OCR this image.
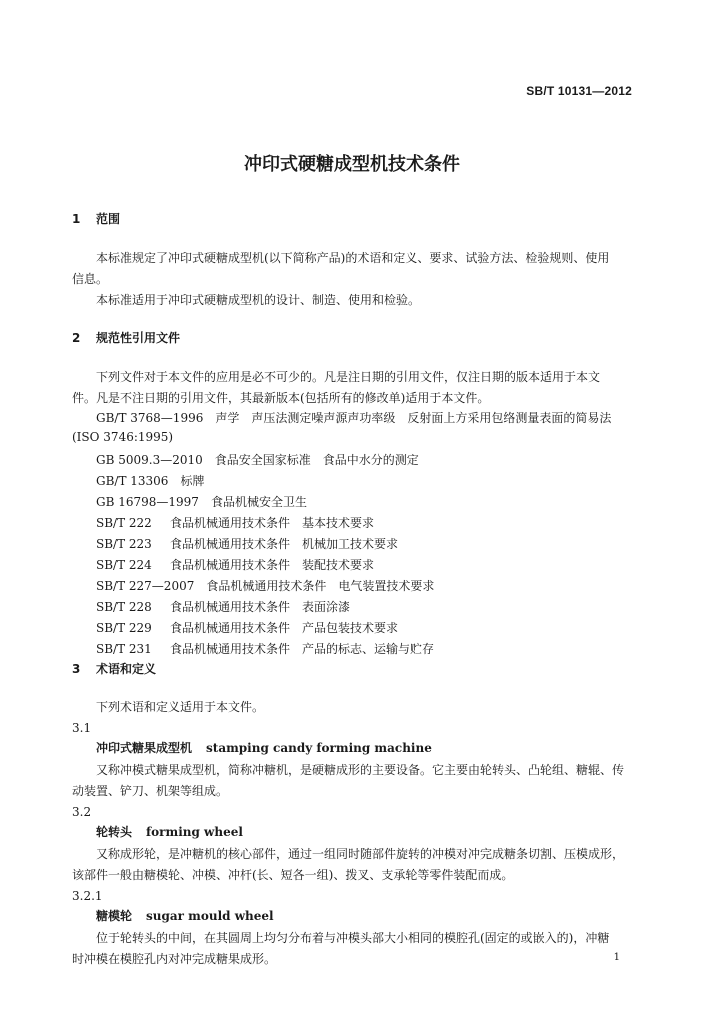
SB/T 10131—2012
冲印式硬糖成型机技术条件
1 范围
本标准规定了冲印式硬糖成型机(以下简称产品)的术语和定义、要求、试验方法、检验规则、使用
信息。
本标准适用于冲印式硬糖成型机的设计、制造、使用和检验。
2 规范性引用文件
下列文件对于本文件的应用是必不可少的。凡是注日期的引用文件，仅注日期的版本适用于本文
件。凡是不注日期的引用文件，其最新版本(包括所有的修改单)适用于本文件。
GB/T 3768—1996 声学　声压法测定噪声源声功率级　反射面上方采用包络测量表面的简易法
(ISO 3746:1995)
GB 5009.3—2010 食品安全国家标准　食品中水分的测定
GB/T 13306 标牌
GB 16798—1997 食品机械安全卫生
SB/T 222 食品机械通用技术条件　基本技术要求
SB/T 223 食品机械通用技术条件　机械加工技术要求
SB/T 224 食品机械通用技术条件　装配技术要求
SB/T 227—2007 食品机械通用技术条件　电气装置技术要求
SB/T 228 食品机械通用技术条件　表面涂漆
SB/T 229 食品机械通用技术条件　产品包装技术要求
SB/T 231 食品机械通用技术条件　产品的标志、运输与贮存
3 术语和定义
下列术语和定义适用于本文件。
3.1
冲印式糖果成型机 stamping candy forming machine
又称冲模式糖果成型机，简称冲糖机，是硬糖成形的主要设备。它主要由轮转头、凸轮组、糖辊、传
动装置、铲刀、机架等组成。
3.2
轮转头 forming wheel
又称成形轮，是冲糖机的核心部件，通过一组同时随部件旋转的冲模对冲完成糖条切割、压模成形，
该部件一般由糖模轮、冲模、冲杆(长、短各一组)、拨叉、支承轮等零件装配而成。
3.2.1
糖模轮 sugar mould wheel
位于轮转头的中间，在其圆周上均匀分布着与冲模头部大小相同的模腔孔(固定的或嵌入的)，冲糖
时冲模在模腔孔内对冲完成糖果成形。	1
